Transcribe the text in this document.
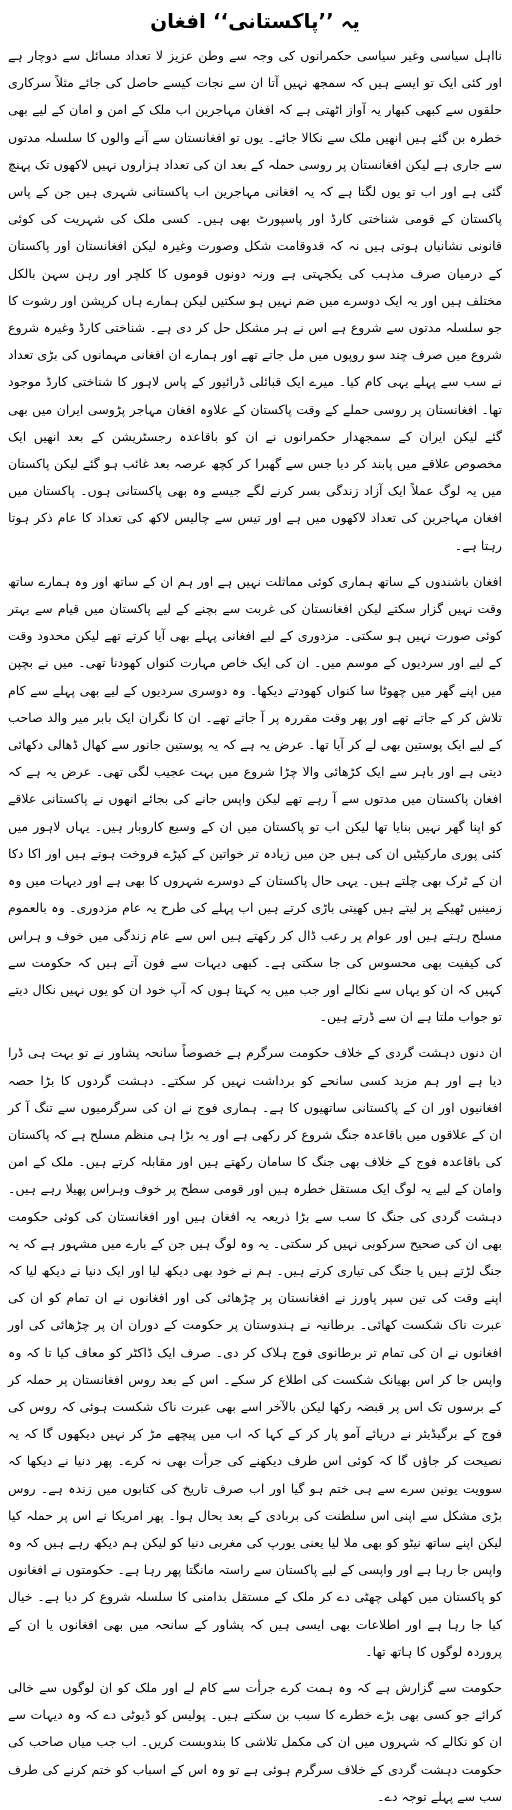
یہ ’’پاکستانی‘‘ افغان
نااہل سیاسی وغیر سیاسی حکمرانوں کی وجہ سے وطن عزیز لا تعداد مسائل سے دوچار ہے اور کئی ایک تو ایسے ہیں کہ سمجھ نہیں آتا ان سے نجات کیسے حاصل کی جائے مثلاً سرکاری حلقوں سے کبھی کبھار یہ آواز اٹھتی ہے کہ افغان مہاجرین اب ملک کے امن و امان کے لیے بھی خطرہ بن گئے ہیں انھیں ملک سے نکالا جائے۔ یوں تو افغانستان سے آنے والوں کا سلسلہ مدتوں سے جاری ہے لیکن افغانستان پر روسی حملہ کے بعد ان کی تعداد ہزاروں نہیں لاکھوں تک پہنچ گئی ہے اور اب تو یوں لگتا ہے کہ یہ افغانی مہاجرین اب پاکستانی شہری ہیں جن کے پاس پاکستان کے قومی شناختی کارڈ اور پاسپورٹ بھی ہیں۔ کسی ملک کی شہریت کی کوئی قانونی نشانیاں ہوتی ہیں نہ کہ قدوقامت شکل وصورت وغیرہ لیکن افغانستان اور پاکستان کے درمیان صرف مذہب کی یکجہتی ہے ورنہ دونوں قوموں کا کلچر اور رہن سہن بالکل مختلف ہیں اور یہ ایک دوسرے میں ضم نہیں ہو سکتیں لیکن ہمارے ہاں کرپشن اور رشوت کا جو سلسلہ مدتوں سے شروع ہے اس نے ہر مشکل حل کر دی ہے۔ شناختی کارڈ وغیرہ شروع شروع میں صرف چند سو روپوں میں مل جاتے تھے اور ہمارے ان افغانی مہمانوں کی بڑی تعداد نے سب سے پہلے یہی کام کیا۔ میرے ایک قبائلی ڈرائیور کے پاس لاہور کا شناختی کارڈ موجود تھا۔ افغانستان پر روسی حملے کے وقت پاکستان کے علاوہ افغان مہاجر پڑوسی ایران میں بھی گئے لیکن ایران کے سمجھدار حکمرانوں نے ان کو باقاعدہ رجسٹریشن کے بعد انھیں ایک مخصوص علاقے میں پابند کر دیا جس سے گھبرا کر کچھ عرصہ بعد غائب ہو گئے لیکن پاکستان میں یہ لوگ عملاً ایک آزاد زندگی بسر کرنے لگے جیسے وہ بھی پاکستانی ہوں۔ پاکستان میں افغان مہاجرین کی تعداد لاکھوں میں ہے اور تیس سے چالیس لاکھ کی تعداد کا عام ذکر ہوتا رہتا ہے۔
افغان باشندوں کے ساتھ ہماری کوئی مماثلت نہیں ہے اور ہم ان کے ساتھ اور وہ ہمارے ساتھ وقت نہیں گزار سکتے لیکن افغانستان کی غربت سے بچنے کے لیے پاکستان میں قیام سے بہتر کوئی صورت نہیں ہو سکتی۔ مزدوری کے لیے افغانی پہلے بھی آیا کرتے تھے لیکن محدود وقت کے لیے اور سردیوں کے موسم میں۔ ان کی ایک خاص مہارت کنواں کھودنا تھی۔ میں نے بچپن میں اپنے گھر میں چھوٹا سا کنواں کھودتے دیکھا۔ وہ دوسری سردیوں کے لیے بھی پہلے سے کام تلاش کر کے جاتے تھے اور پھر وقت مقررہ پر آ جاتے تھے۔ ان کا نگران ایک بابر میر والد صاحب کے لیے ایک پوستین بھی لے کر آیا تھا۔ عرض یہ ہے کہ یہ پوستین جانور سے کھال ڈھالی دکھائی دیتی ہے اور باہر سے ایک کڑھائی والا چڑا شروع میں بہت عجیب لگی تھی۔ عرض یہ ہے کہ افغان پاکستان میں مدتوں سے آ رہے تھے لیکن واپس جانے کی بجائے انھوں نے پاکستانی علاقے کو اپنا گھر نہیں بنایا تھا لیکن اب تو پاکستان میں ان کے وسیع کاروبار ہیں۔ یہاں لاہور میں کئی پوری مارکیٹیں ان کی ہیں جن میں زیادہ تر خواتین کے کپڑے فروخت ہوتے ہیں اور اکا دکا ان کے ٹرک بھی چلتے ہیں۔ یہی حال پاکستان کے دوسرے شہروں کا بھی ہے اور دیہات میں وہ زمینیں ٹھیکے پر لیتے ہیں کھیتی باڑی کرتے ہیں اب پہلے کی طرح یہ عام مزدوری۔ وہ بالعموم مسلح رہتے ہیں اور عوام پر رعب ڈال کر رکھتے ہیں اس سے عام زندگی میں خوف و ہراس کی کیفیت بھی محسوس کی جا سکتی ہے۔ کبھی دیہات سے فون آتے ہیں کہ حکومت سے کہیں کہ ان کو یہاں سے نکالے اور جب میں یہ کہتا ہوں کہ آپ خود ان کو یوں نہیں نکال دیتے تو جواب ملتا ہے ان سے ڈرتے ہیں۔
ان دنوں دہشت گردی کے خلاف حکومت سرگرم ہے خصوصاً سانحہ پشاور نے تو بہت ہی ڈرا دیا ہے اور ہم مزید کسی سانحے کو برداشت نہیں کر سکتے۔ دہشت گردوں کا بڑا حصہ افغانیوں اور ان کے پاکستانی ساتھیوں کا ہے۔ ہماری فوج نے ان کی سرگرمیوں سے تنگ آ کر ان کے علاقوں میں باقاعدہ جنگ شروع کر رکھی ہے اور یہ بڑا ہی منظم مسلح ہے کہ پاکستان کی باقاعدہ فوج کے خلاف بھی جنگ کا سامان رکھتے ہیں اور مقابلہ کرتے ہیں۔ ملک کے امن وامان کے لیے یہ لوگ ایک مستقل خطرہ ہیں اور قومی سطح پر خوف وہراس پھیلا رہے ہیں۔ دہشت گردی کی جنگ کا سب سے بڑا ذریعہ یہ افغان ہیں اور افغانستان کی کوئی حکومت بھی ان کی صحیح سرکوبی نہیں کر سکتی۔ یہ وہ لوگ ہیں جن کے بارے میں مشہور ہے کہ یہ جنگ لڑتے ہیں یا جنگ کی تیاری کرتے ہیں۔ ہم نے خود بھی دیکھ لیا اور ایک دنیا نے دیکھ لیا کہ اپنے وقت کی تین سپر پاورز نے افغانستان پر چڑھائی کی اور افغانوں نے ان تمام کو ان کی عبرت ناک شکست کھائی۔ برطانیہ نے ہندوستان پر حکومت کے دوران ان پر چڑھائی کی اور افغانوں نے ان کی تمام تر برطانوی فوج ہلاک کر دی۔ صرف ایک ڈاکٹر کو معاف کیا تا کہ وہ واپس جا کر اس بھیانک شکست کی اطلاع کر سکے۔ اس کے بعد روس افغانستان پر حملہ کر کے برسوں تک اس پر قبضہ رکھا لیکن بالآخر اسے بھی عبرت ناک شکست ہوئی کہ روس کی فوج کے برگیڈیئر نے دریائے آمو پار کر کے کہا کہ اب میں پیچھے مڑ کر نہیں دیکھوں گا کہ یہ نصیحت کر جاؤں گا کہ کوئی اس طرف دیکھنے کی جرأت بھی نہ کرے۔ پھر دنیا نے دیکھا کہ سوویت یونین سرے سے ہی ختم ہو گیا اور اب صرف تاریخ کی کتابوں میں زندہ ہے۔ روس بڑی مشکل سے اپنی اس سلطنت کی بربادی کے بعد بحال ہوا۔ پھر امریکا نے اس پر حملہ کیا لیکن اپنے ساتھ نیٹو کو بھی ملا لیا یعنی یورپ کی مغربی دنیا کو لیکن ہم دیکھ رہے ہیں کہ وہ واپس جا رہا ہے اور واپسی کے لیے پاکستان سے راستہ مانگتا پھر رہا ہے۔ حکومتوں نے افغانوں کو پاکستان میں کھلی چھٹی دے کر ملک کے مستقل بدامنی کا سلسلہ شروع کر دیا ہے۔ خیال کیا جا رہا ہے اور اطلاعات بھی ایسی ہیں کہ پشاور کے سانحہ میں بھی افغانوں یا ان کے پروردہ لوگوں کا ہاتھ تھا۔
حکومت سے گزارش ہے کہ وہ ہمت کرے جرأت سے کام لے اور ملک کو ان لوگوں سے خالی کرائے جو کسی بھی بڑے خطرے کا سبب بن سکتے ہیں۔ پولیس کو ڈیوٹی دے کہ وہ دیہات سے ان کو نکالے کہ شہروں میں ان کی مکمل تلاشی کا بندوبست کریں۔ اب جب میاں صاحب کی حکومت دہشت گردی کے خلاف سرگرم ہوئی ہے تو وہ اس کے اسباب کو ختم کرنے کی طرف سب سے پہلے توجہ دے۔
